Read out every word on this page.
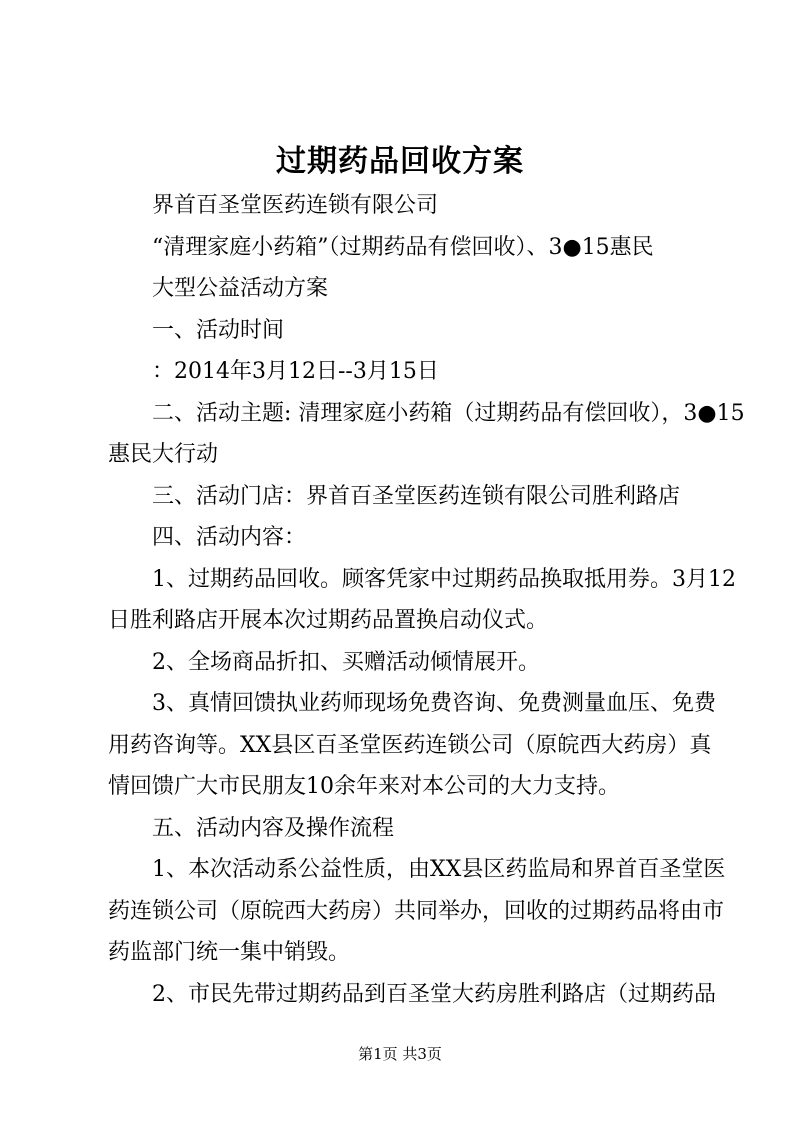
过期药品回收方案

界首百圣堂医药连锁有限公司

“清理家庭小药箱”（过期药品有偿回收）、3●15惠民

大型公益活动方案

一、活动时间

：2014年3月12日--3月15日

二、活动主题: 清理家庭小药箱（过期药品有偿回收），3●15

惠民大行动

三、活动门店：界首百圣堂医药连锁有限公司胜利路店

四、活动内容：

1、过期药品回收。顾客凭家中过期药品换取抵用券。3月12

日胜利路店开展本次过期药品置换启动仪式。

2、全场商品折扣、买赠活动倾情展开。

3、真情回馈执业药师现场免费咨询、免费测量血压、免费

用药咨询等。XX县区百圣堂医药连锁公司（原皖西大药房）真

情回馈广大市民朋友10余年来对本公司的大力支持。

五、活动内容及操作流程

1、本次活动系公益性质，由XX县区药监局和界首百圣堂医

药连锁公司（原皖西大药房）共同举办，回收的过期药品将由市

药监部门统一集中销毁。

2、市民先带过期药品到百圣堂大药房胜利路店（过期药品

第1页 共3页
